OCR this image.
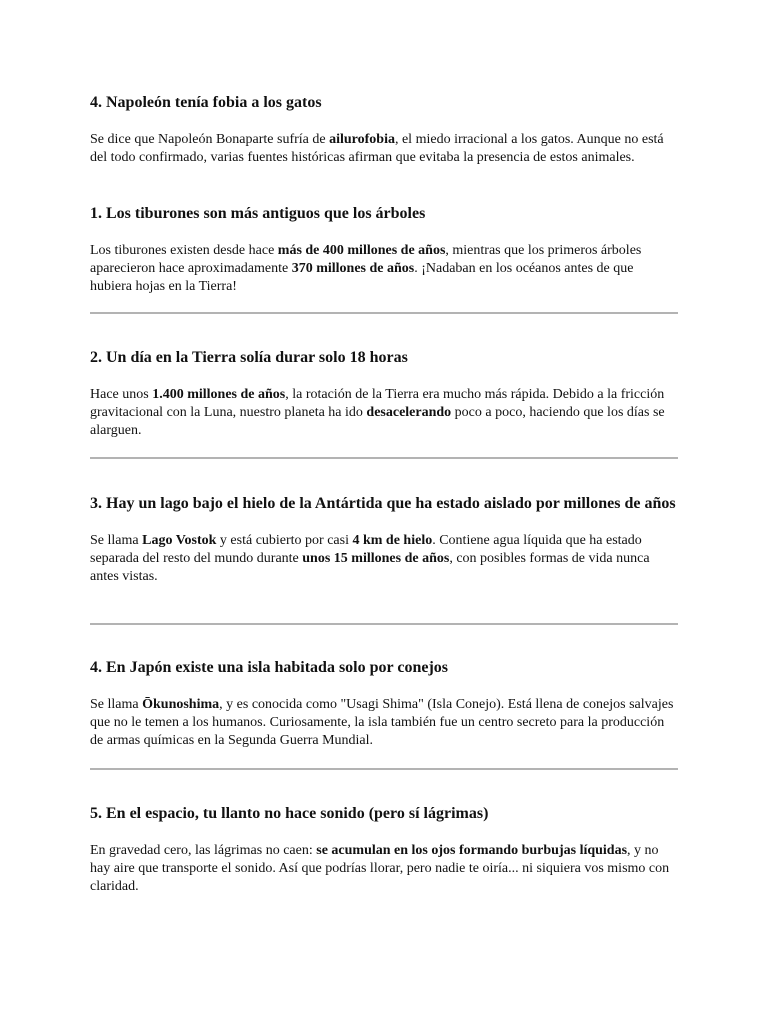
4. Napoleón tenía fobia a los gatos

Se dice que Napoleón Bonaparte sufría de ailurofobia, el miedo irracional a los gatos. Aunque no está del todo confirmado, varias fuentes históricas afirman que evitaba la presencia de estos animales.

1. Los tiburones son más antiguos que los árboles

Los tiburones existen desde hace más de 400 millones de años, mientras que los primeros árboles aparecieron hace aproximadamente 370 millones de años. ¡Nadaban en los océanos antes de que hubiera hojas en la Tierra!

2. Un día en la Tierra solía durar solo 18 horas

Hace unos 1.400 millones de años, la rotación de la Tierra era mucho más rápida. Debido a la fricción gravitacional con la Luna, nuestro planeta ha ido desacelerando poco a poco, haciendo que los días se alarguen.

3. Hay un lago bajo el hielo de la Antártida que ha estado aislado por millones de años

Se llama Lago Vostok y está cubierto por casi 4 km de hielo. Contiene agua líquida que ha estado separada del resto del mundo durante unos 15 millones de años, con posibles formas de vida nunca antes vistas.

4. En Japón existe una isla habitada solo por conejos

Se llama Ōkunoshima, y es conocida como "Usagi Shima" (Isla Conejo). Está llena de conejos salvajes que no le temen a los humanos. Curiosamente, la isla también fue un centro secreto para la producción de armas químicas en la Segunda Guerra Mundial.

5. En el espacio, tu llanto no hace sonido (pero sí lágrimas)

En gravedad cero, las lágrimas no caen: se acumulan en los ojos formando burbujas líquidas, y no hay aire que transporte el sonido. Así que podrías llorar, pero nadie te oiría... ni siquiera vos mismo con claridad.
